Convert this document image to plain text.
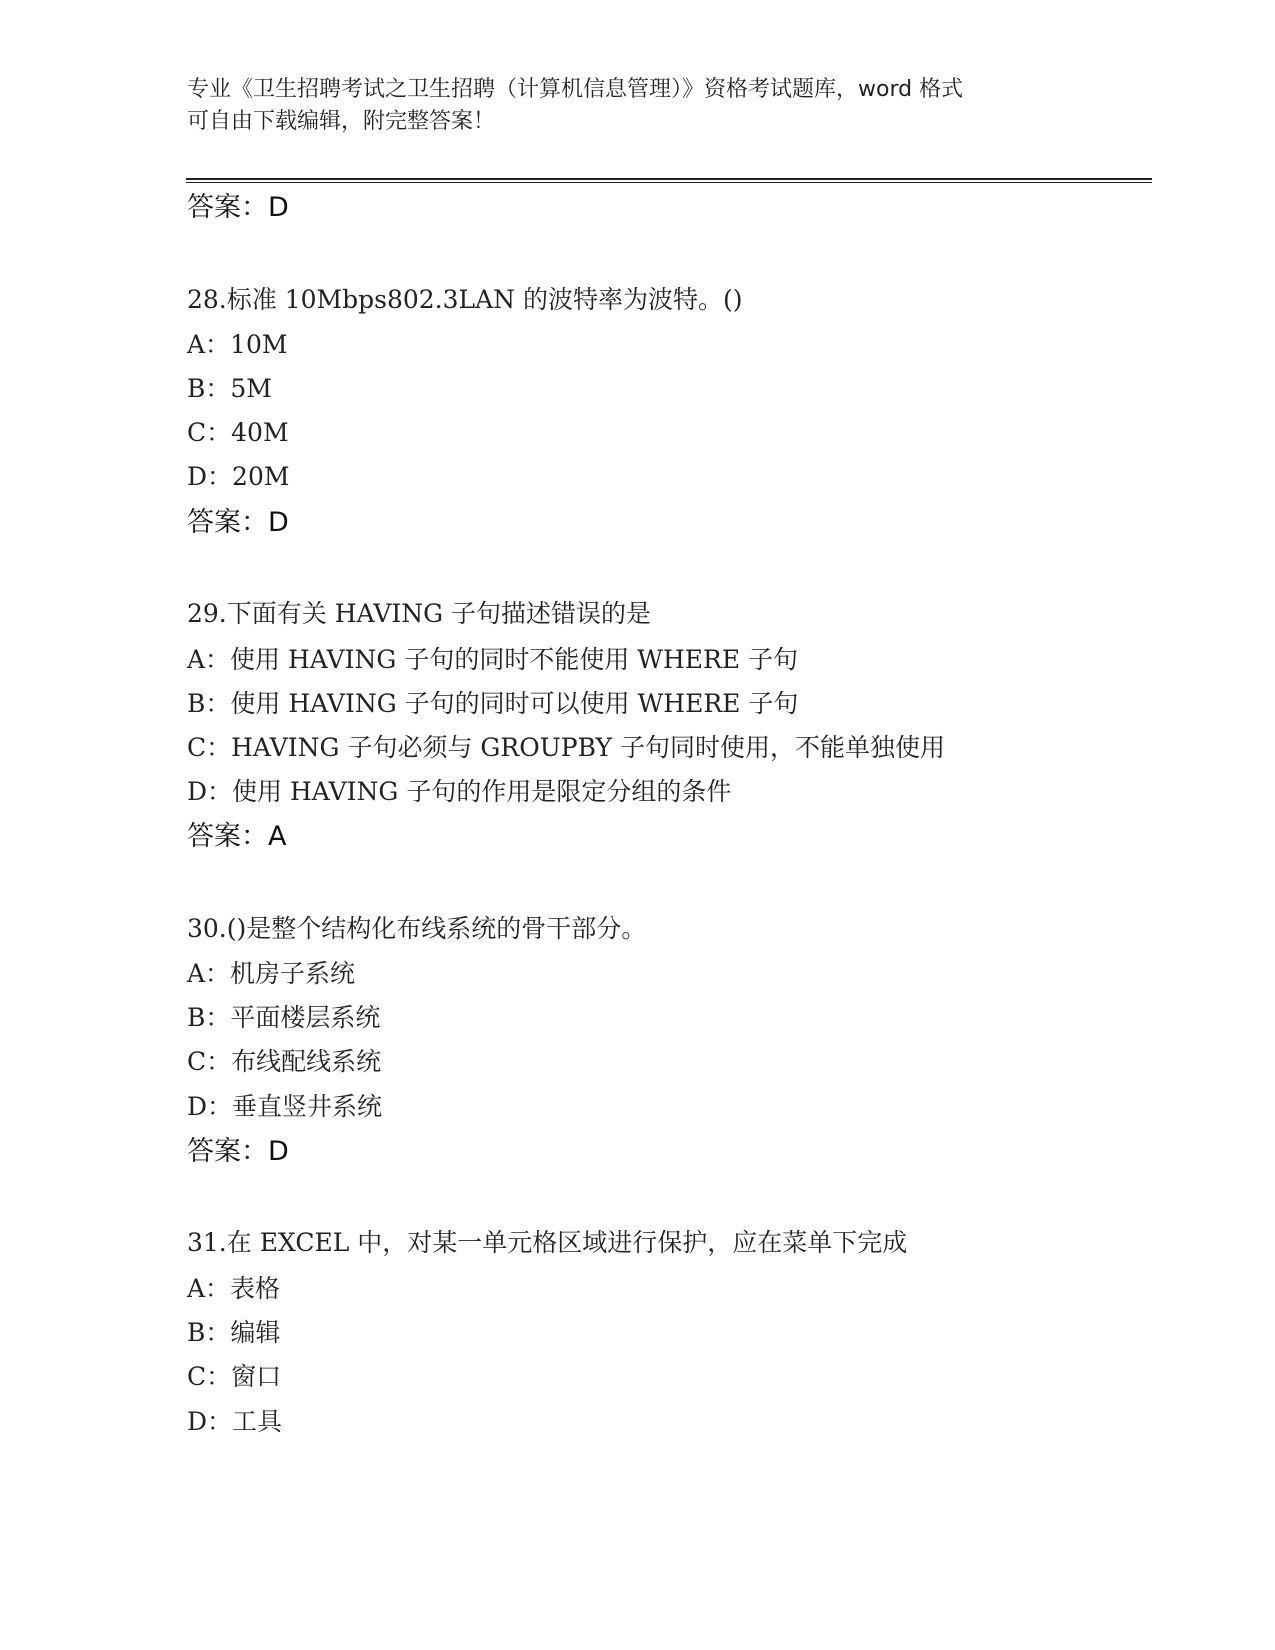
专业《卫生招聘考试之卫生招聘（计算机信息管理）》资格考试题库，word 格式
可自由下载编辑，附完整答案！
答案：D
28.标准 10Mbps802.3LAN 的波特率为波特。()
A：10M
B：5M
C：40M
D：20M
答案：D
29.下面有关 HAVING 子句描述错误的是
A：使用 HAVING 子句的同时不能使用 WHERE 子句
B：使用 HAVING 子句的同时可以使用 WHERE 子句
C：HAVING 子句必须与 GROUPBY 子句同时使用，不能单独使用
D：使用 HAVING 子句的作用是限定分组的条件
答案：A
30.()是整个结构化布线系统的骨干部分。
A：机房子系统
B：平面楼层系统
C：布线配线系统
D：垂直竖井系统
答案：D
31.在 EXCEL 中，对某一单元格区域进行保护，应在菜单下完成
A：表格
B：编辑
C：窗口
D：工具
